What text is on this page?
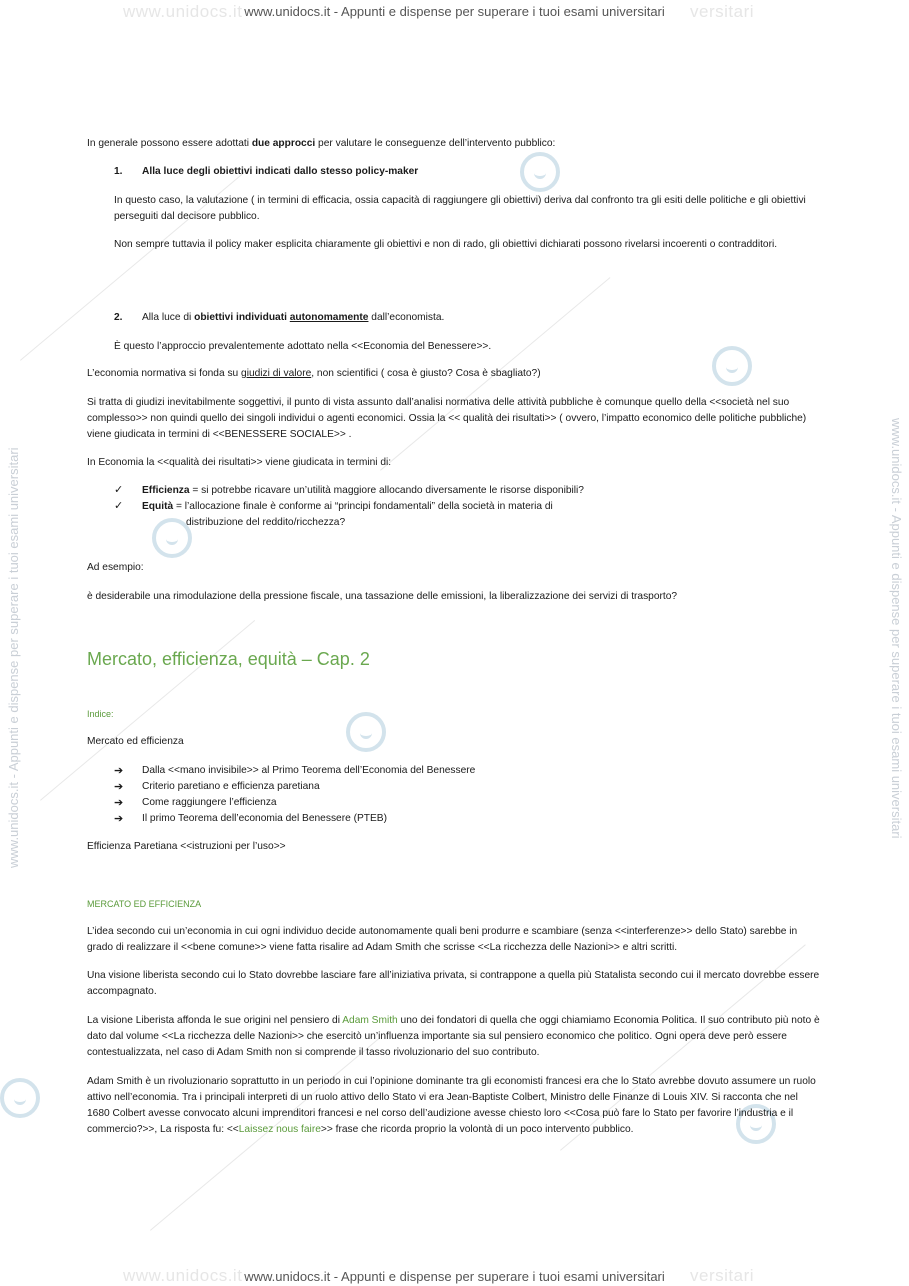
www.unidocs.it	versitari
www.unidocs.it	versitari
www.unidocs.it - Appunti e dispense per superare i tuoi esami universitari	www.unidocs.it - Appunti e dispense per superare i tuoi esami universitari
www.unidocs.it - Appunti e dispense per superare i tuoi esami universitari
www.unidocs.it - Appunti e dispense per superare i tuoi esami universitari

In generale possono essere adottati due approcci per valutare le conseguenze dell’intervento pubblico:

1. Alla luce degli obiettivi indicati dallo stesso policy-maker

In questo caso, la valutazione ( in termini di efficacia, ossia capacità di raggiungere gli obiettivi) deriva dal confronto tra gli esiti delle politiche e gli obiettivi perseguiti dal decisore pubblico.

Non sempre tuttavia il policy maker esplicita chiaramente gli obiettivi e non di rado, gli obiettivi dichiarati possono rivelarsi incoerenti o contradditori.

2. Alla luce di obiettivi individuati autonomamente dall’economista.

È questo l’approccio prevalentemente adottato nella <<Economia del Benessere>>.

L’economia normativa si fonda su giudizi di valore, non scientifici ( cosa è giusto? Cosa è sbagliato?)

Si tratta di giudizi inevitabilmente soggettivi, il punto di vista assunto dall’analisi normativa delle attività pubbliche è comunque quello della <<società nel suo complesso>> non quindi quello dei singoli individui o agenti economici. Ossia la << qualità dei risultati>> ( ovvero, l’impatto economico delle politiche pubbliche) viene giudicata in termini di <<BENESSERE SOCIALE>> .

In Economia la <<qualità dei risultati>> viene giudicata in termini di:

✓ Efficienza = si potrebbe ricavare un’utilità maggiore allocando diversamente le risorse disponibili?
✓ Equità = l’allocazione finale è conforme ai “principi fondamentali” della società in materia di
distribuzione del reddito/ricchezza?

Ad esempio:

è desiderabile una rimodulazione della pressione fiscale, una tassazione delle emissioni, la liberalizzazione dei servizi di trasporto?

Mercato, efficienza, equità – Cap. 2

Indice:

Mercato ed efficienza

➔ Dalla <<mano invisibile>> al Primo Teorema dell’Economia del Benessere
➔ Criterio paretiano e efficienza paretiana
➔ Come raggiungere l’efficienza
➔ Il primo Teorema dell’economia del Benessere (PTEB)

Efficienza Paretiana <<istruzioni per l’uso>>

MERCATO ED EFFICIENZA

L’idea secondo cui un’economia in cui ogni individuo decide autonomamente quali beni produrre e scambiare (senza <<interferenze>> dello Stato) sarebbe in grado di realizzare il <<bene comune>> viene fatta risalire ad Adam Smith che scrisse <<La ricchezza delle Nazioni>> e altri scritti.

Una visione liberista secondo cui lo Stato dovrebbe lasciare fare all’iniziativa privata, si contrappone a quella più Statalista secondo cui il mercato dovrebbe essere accompagnato.

La visione Liberista affonda le sue origini nel pensiero di Adam Smith uno dei fondatori di quella che oggi chiamiamo Economia Politica. Il suo contributo più noto è dato dal volume <<La ricchezza delle Nazioni>> che esercitò un’influenza importante sia sul pensiero economico che politico. Ogni opera deve però essere contestualizzata, nel caso di Adam Smith non si comprende il tasso rivoluzionario del suo contributo.

Adam Smith è un rivoluzionario soprattutto in un periodo in cui l’opinione dominante tra gli economisti francesi era che lo Stato avrebbe dovuto assumere un ruolo attivo nell’economia. Tra i principali interpreti di un ruolo attivo dello Stato vi era Jean-Baptiste Colbert, Ministro delle Finanze di Louis XIV. Si racconta che nel 1680 Colbert avesse convocato alcuni imprenditori francesi e nel corso dell’audizione avesse chiesto loro <<Cosa può fare lo Stato per favorire l’industria e il commercio?>>, La risposta fu: <<Laissez nous faire>> frase che ricorda proprio la volontà di un poco intervento pubblico.
